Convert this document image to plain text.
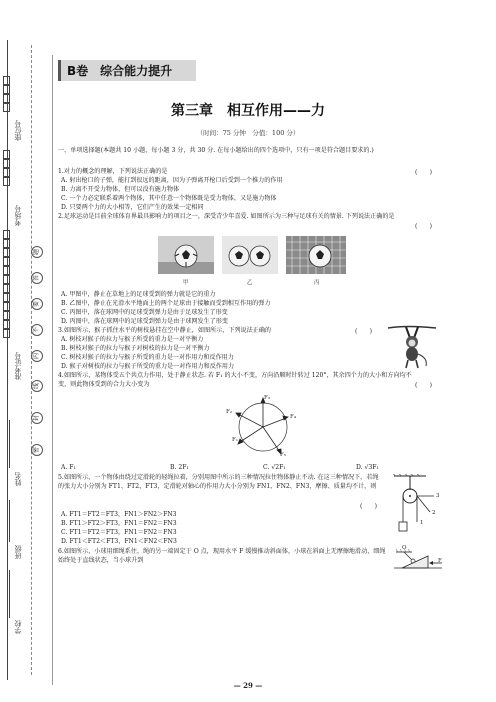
座位号
考场号
准考证号
姓名
班级
学校
题
答
要
不
内
线
封
密
B卷　综合能力提升
第三章　相互作用——力
（时间：75 分钟　分值：100 分）
一、单项选择题(本题共 10 小题，每小题 3 分，共 30 分. 在每小题给出的四个选项中，只有一项是符合题目要求的.)
1.对力的概念的理解，下列说法正确的是	(　　)
A. 射出枪口的子弹，能打到很远的距离，因为子弹离开枪口后受到一个推力的作用
B. 力离不开受力物体，但可以没有施力物体
C. 一个力必定联系着两个物体，其中任意一个物体既是受力物体，又是施力物体
D. 只要两个力的大小相等，它们产生的效果一定相同
2.足球运动是目前全球体育界最具影响力的项目之一，深受青少年喜爱. 如图所示为三种与足球有关的情景. 下列说法正确的是
(　　)
甲	乙	丙
A. 甲图中，静止在草地上的足球受到的弹力就是它的重力
B. 乙图中，静止在光滑水平地面上的两个足球由于接触而受到相互作用的弹力
C. 丙图中，落在球网中的足球受到弹力是由于足球发生了形变
D. 丙图中，落在球网中的足球受到弹力是由于球网发生了形变
3.如图所示，猴子抓住水平的树枝悬挂在空中静止，如图所示，下列说法正确的	(　　)
A. 树枝对猴子的拉力与猴子所受的重力是一对平衡力
B. 树枝对猴子的拉力与猴子对树枝的拉力是一对平衡力
C. 树枝对猴子的拉力与猴子所受的重力是一对作用力和反作用力
D. 猴子对树枝的拉力与猴子所受的重力是一对作用力和反作用力
4.如图所示，某物体受五个共点力作用，处于静止状态. 若 F₁ 的大小不变，方向沿顺时针转过 120°，其余四个力的大小和方向均不变，则此物体受到的合力大小变为	(　　)
F₂
F₃
F₄
F₁
F₅
A. F₁	B. 2F₁	C. √2F₁	D. √3F₁
5.如图所示，一个物体由绕过定滑轮的轻绳拉着，分别用图中所示的三种情况拉住物体静止不动. 在这三种情况下，若绳的张力大小分别为 FT1、FT2、FT3，定滑轮对轴心的作用力大小分别为 FN1、FN2、FN3，摩擦、质量均不计，则
(　　)
1
2
3
A. FT1＝FT2＝FT3，FN1＞FN2＞FN3
B. FT1＞FT2＞FT3，FN1＝FN2＝FN3
C. FT1＝FT2＝FT3，FN1＝FN2＝FN3
D. FT1＜FT2＜FT3，FN1＜FN2＜FN3
6.如图所示，小球用细绳系住，绳的另一端固定于 O 点，现用水平 F 缓慢推动斜面体，小球在斜面上无摩擦地滑动，细绳始终处于直线状态，当小球升到
O
F
— 29 —
